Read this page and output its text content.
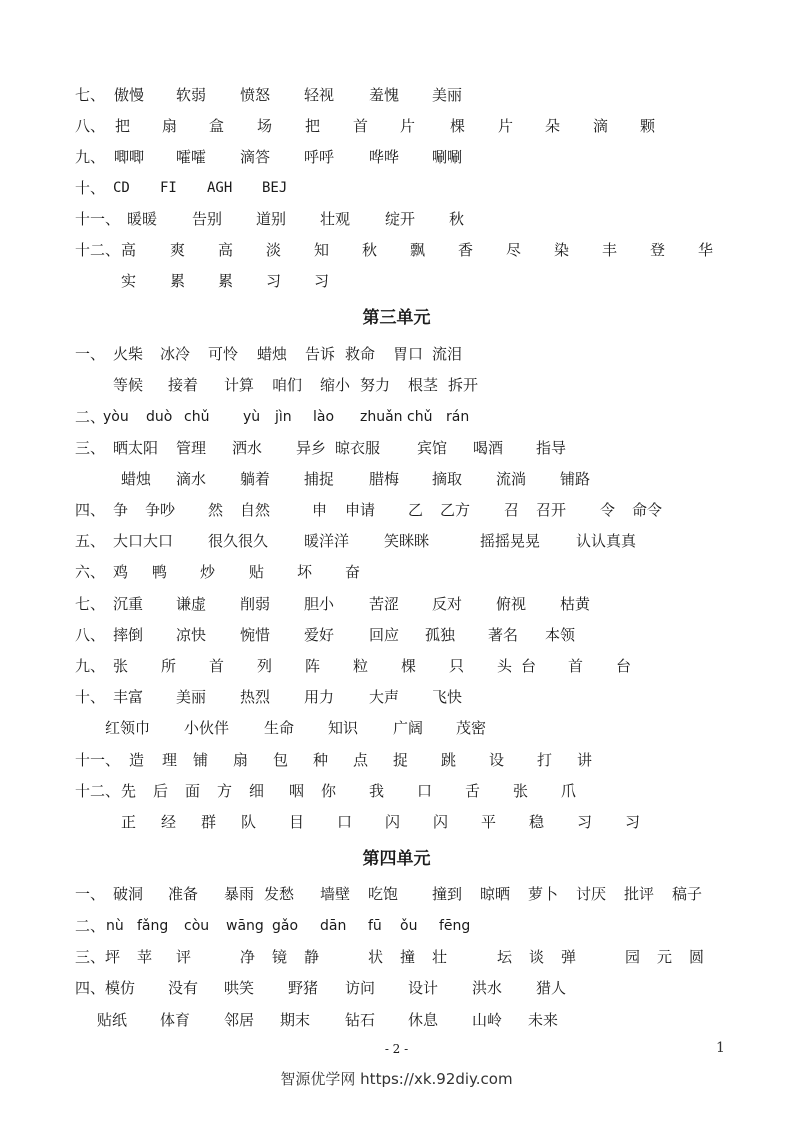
七、 傲慢 软弱 愤怒 轻视 羞愧 美丽
八、 把 扇 盒 场 把 首 片 棵 片 朵 滴 颗
九、 唧唧 嚯嚯 滴答 呼呼 哗哗 唰唰
十、 CD FI AGH BEJ
十一、 暖暖 告别 道别 壮观 绽开 秋
十二、 高 爽 高 淡 知 秋 飘 香 尽 染 丰 登 华
实 累 累 习 习
第三单元
一、 火柴 冰冷 可怜 蜡烛 告诉 救命 胃口 流泪
等候 接着 计算 咱们 缩小 努力 根茎 拆开
二、
yòu duò chǔ yù jìn lào zhuǎn chǔ rán
三、 晒太阳 管理 洒水 异乡 晾衣服 宾馆 喝酒 指导
蜡烛 滴水 躺着 捕捉 腊梅 摘取 流淌 铺路
四、 争 争吵 然 自然	申 申请 乙 乙方 召 召开 令 命令
五、 大口大口 很久很久 暖洋洋 笑眯眯	摇摇晃晃 认认真真
六、 鸡 鸭 炒 贴 坏 奋
七、 沉重 谦虚 削弱 胆小 苦涩 反对 俯视 枯黄
八、 摔倒 凉快 惋惜 爱好 回应 孤独 著名 本领
九、 张 所 首 列 阵 粒 棵 只 头 台 首 台
十、 丰富 美丽 热烈 用力 大声 飞快
红领巾 小伙伴 生命 知识 广阔 茂密
十一、 造 理 铺 扇 包 种 点 捉 跳 设 打 讲
十二、 先 后 面 方 细 咽 你 我 口 舌 张 爪
正 经 群 队 目 口 闪 闪 平 稳 习 习
第四单元
一、 破洞 准备 暴雨 发愁 墙壁 吃饱 撞到 晾晒 萝卜 讨厌 批评 稿子
二、 nù fǎng còu wāng gǎo dān fū ǒu fēng
三、 坪 苹 评	净 镜 静	状 撞 壮	坛 谈 弹	园 元 圆
四、 模仿 没有 哄笑 野猪 访问 设计 洪水 猎人
贴纸 体育 邻居 期末 钻石 休息 山岭 未来
- 2 -	1
智源优学网 https://xk.92diy.com
